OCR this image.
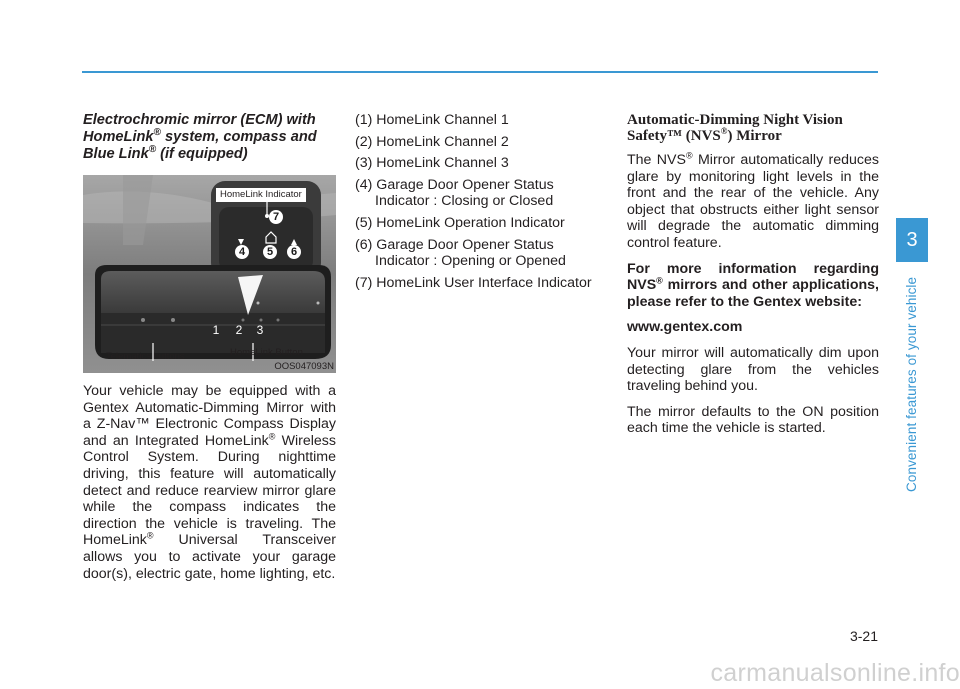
Electrochromic mirror (ECM) with
HomeLink® system, compass and
Blue Link® (if equipped)
HomeLink Indicator
7
4	5	6
1	2	3
Telematics buttons	HomeLink Button
OOS047093N

Your vehicle may be equipped with a Gentex Automatic-Dimming Mirror with a Z-Nav™ Electronic Compass Display and an Integrated HomeLink® Wireless Control System. During nighttime driving, this feature will automatically detect and reduce rearview mirror glare while the compass indicates the direction the vehicle is traveling. The HomeLink® Universal Transceiver allows you to activate your garage door(s), electric gate, home lighting, etc.

(1) HomeLink Channel 1
(2) HomeLink Channel 2
(3) HomeLink Channel 3
(4) Garage Door Opener Status Indicator : Closing or Closed
(5) HomeLink Operation Indicator
(6) Garage Door Opener Status Indicator : Opening or Opened
(7) HomeLink User Interface Indicator
Automatic-Dimming Night Vision Safety™ (NVS®) Mirror

The NVS® Mirror automatically reduces glare by monitoring light levels in the front and the rear of the vehicle. Any object that obstructs either light sensor will degrade the automatic dimming control feature.

For more information regarding NVS® mirrors and other applications, please refer to the Gentex website:

www.gentex.com

Your mirror will automatically dim upon detecting glare from the vehicles traveling behind you.

The mirror defaults to the ON position each time the vehicle is started.

3
Convenient features of your vehicle
3-21
carmanualsonline.info
